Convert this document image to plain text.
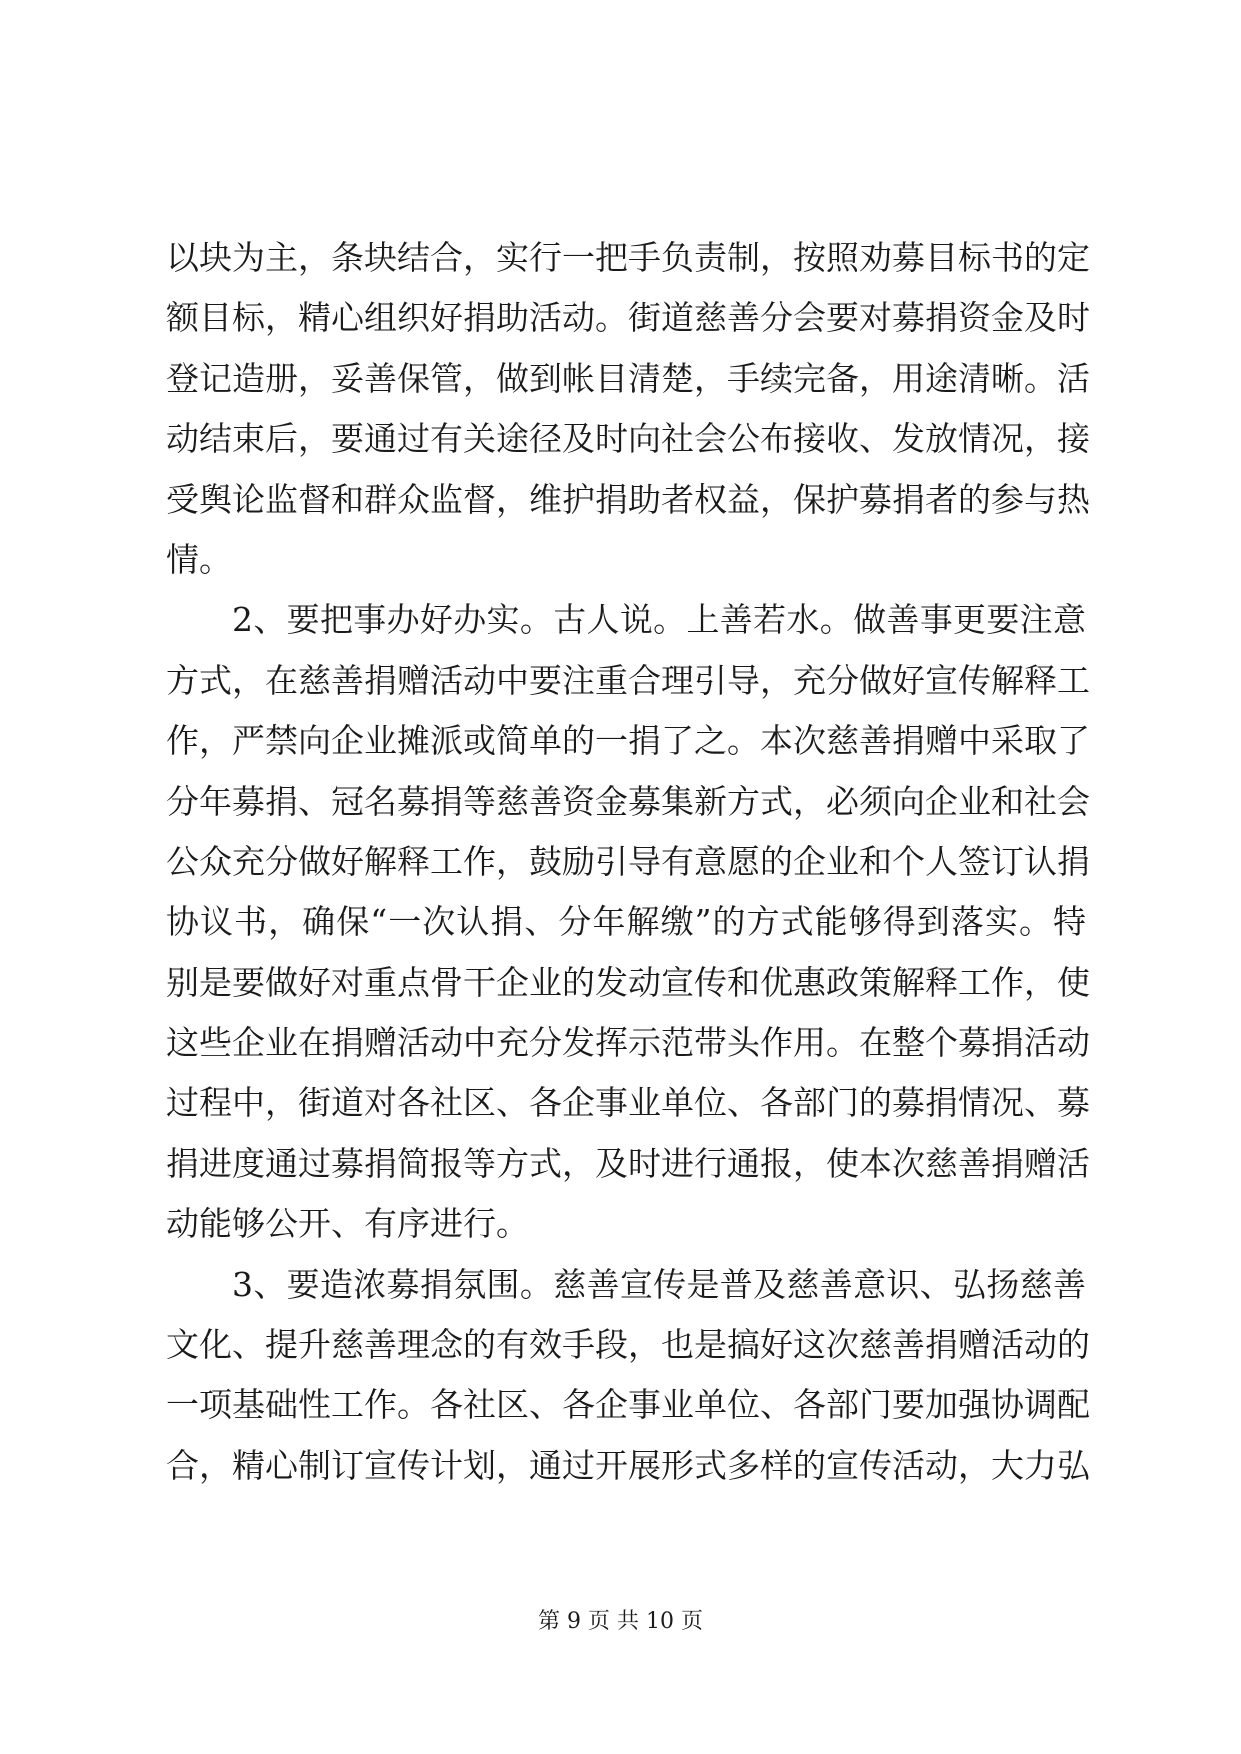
以块为主，条块结合，实行一把手负责制，按照劝募目标书的定
额目标，精心组织好捐助活动。街道慈善分会要对募捐资金及时
登记造册，妥善保管，做到帐目清楚，手续完备，用途清晰。活
动结束后，要通过有关途径及时向社会公布接收、发放情况，接
受舆论监督和群众监督，维护捐助者权益，保护募捐者的参与热
情。
2、要把事办好办实。古人说。上善若水。做善事更要注意
方式，在慈善捐赠活动中要注重合理引导，充分做好宣传解释工
作，严禁向企业摊派或简单的一捐了之。本次慈善捐赠中采取了
分年募捐、冠名募捐等慈善资金募集新方式，必须向企业和社会
公众充分做好解释工作，鼓励引导有意愿的企业和个人签订认捐
协议书，确保“一次认捐、分年解缴”的方式能够得到落实。特
别是要做好对重点骨干企业的发动宣传和优惠政策解释工作，使
这些企业在捐赠活动中充分发挥示范带头作用。在整个募捐活动
过程中，街道对各社区、各企事业单位、各部门的募捐情况、募
捐进度通过募捐简报等方式，及时进行通报，使本次慈善捐赠活
动能够公开、有序进行。
3、要造浓募捐氛围。慈善宣传是普及慈善意识、弘扬慈善
文化、提升慈善理念的有效手段，也是搞好这次慈善捐赠活动的
一项基础性工作。各社区、各企事业单位、各部门要加强协调配
合，精心制订宣传计划，通过开展形式多样的宣传活动，大力弘
第 9 页 共 10 页
